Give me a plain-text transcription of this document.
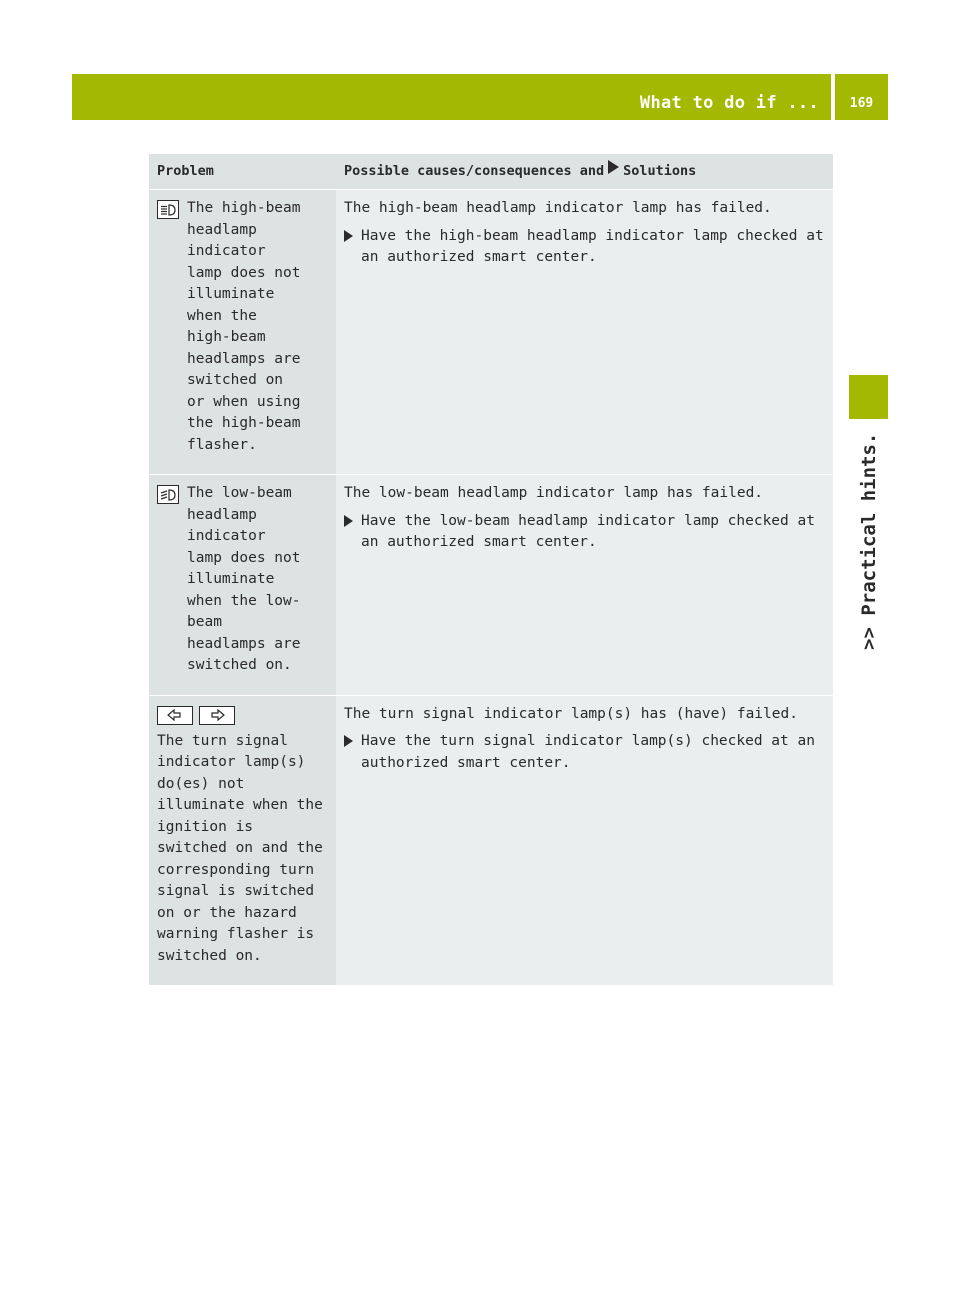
What to do if ...	169
>> Practical hints.
Problem	Possible causes/consequences and Solutions

The high-beam headlamp indicator lamp does not illuminate when the high-beam headlamps are switched on or when using the high-beam flasher.	The high-beam headlamp indicator lamp has failed.

Have the high-beam headlamp indicator lamp checked at an authorized smart center.

The low-beam headlamp indicator lamp does not illuminate when the low-beam headlamps are switched on.	The low-beam headlamp indicator lamp has failed.

Have the low-beam headlamp indicator lamp checked at an authorized smart center.

The turn signal indicator lamp(s) do(es) not illuminate when the ignition is switched on and the corresponding turn signal is switched on or the hazard warning flasher is switched on.	The turn signal indicator lamp(s) has (have) failed.

Have the turn signal indicator lamp(s) checked at an authorized smart center.
